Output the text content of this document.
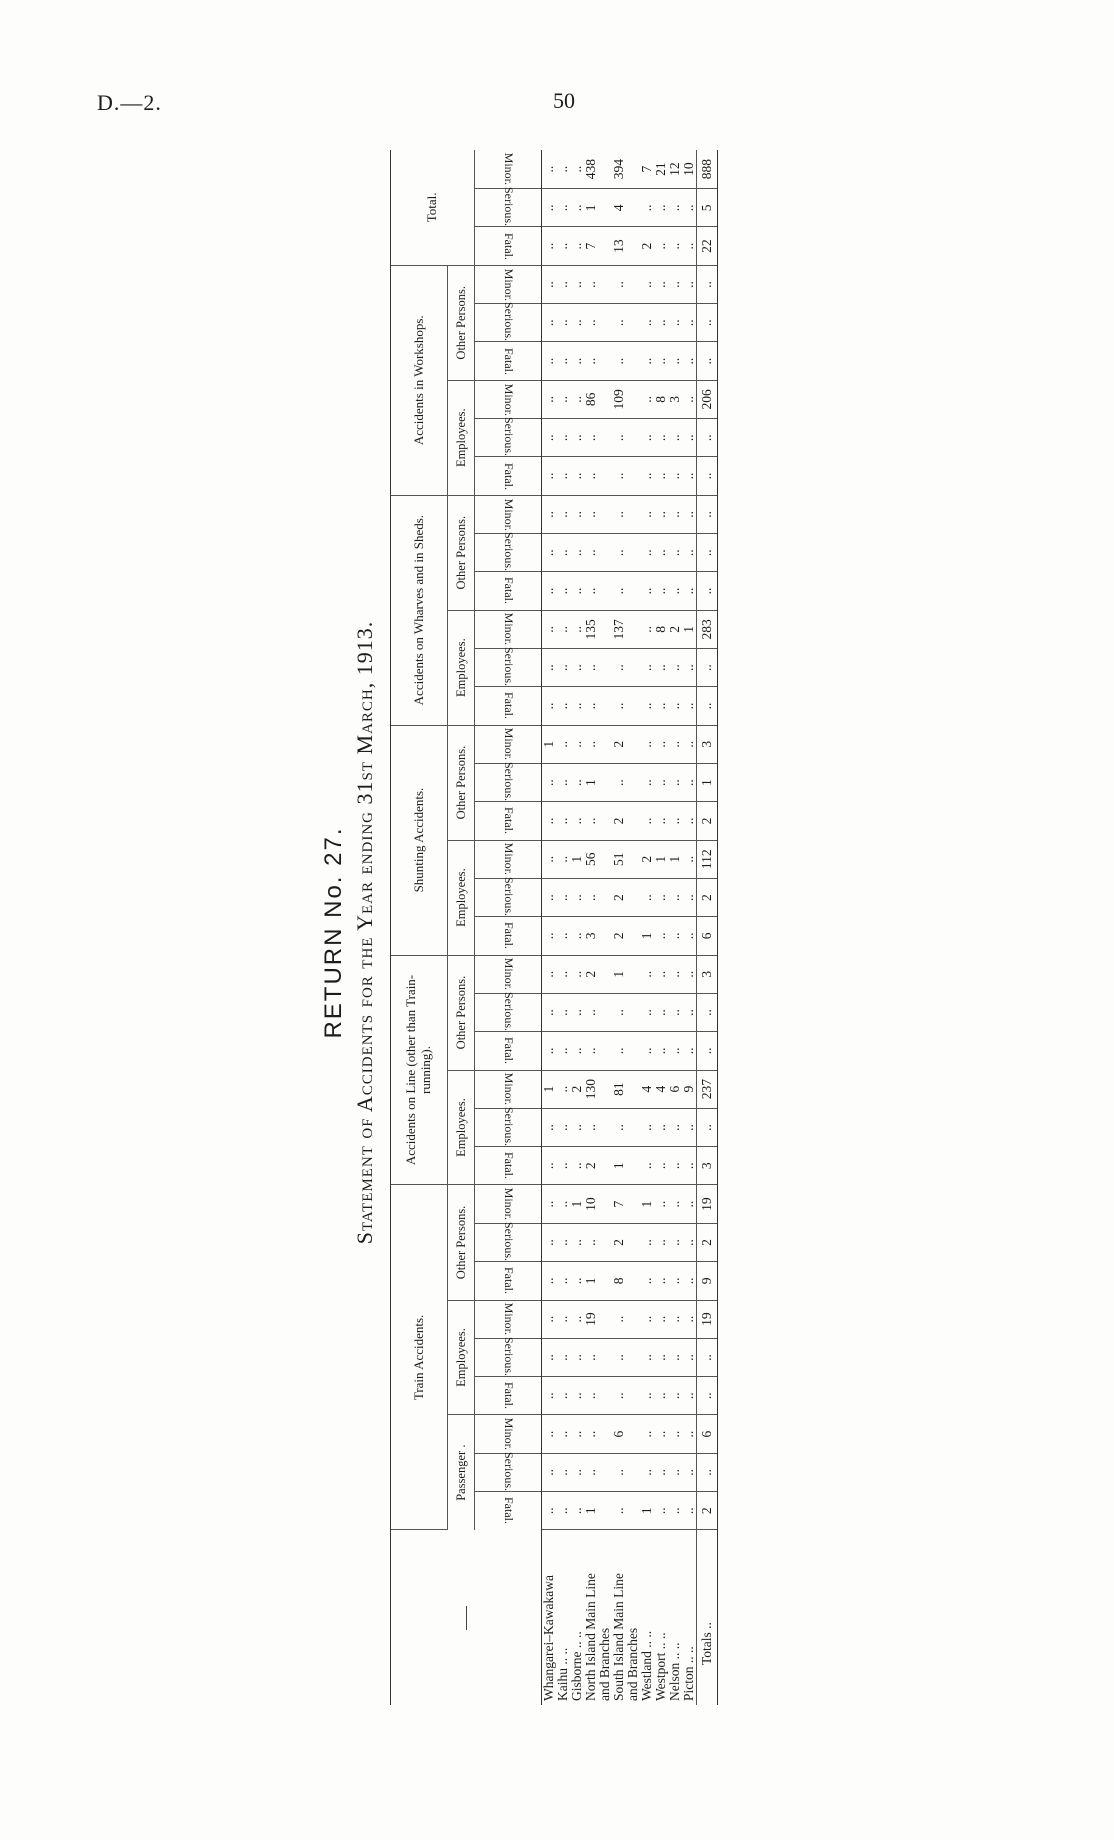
D.—2.	50
RETURN No. 27. Statement of Accidents for the Year ending 31st March, 1913.
	Train Accidents.									Accidents on Line (other than Train-running).						Shunting Accidents.						Accidents on Wharves and in Sheds.						Accidents in Workshops.						Total.		
	Passenger .			Employees.			Other Persons.			Employees.			Other Persons.			Employees.			Other Persons.			Employees.			Other Persons.			Employees.			Other Persons.					
	Fatal.	Serious.	Minor.	Fatal.	Serious.	Minor.	Fatal.	Serious.	Minor.	Fatal.	Serious.	Minor.	Fatal.	Serious.	Minor.	Fatal.	Serious.	Minor.	Fatal.	Serious.	Minor.	Fatal.	Serious.	Minor.	Fatal.	Serious.	Minor.	Fatal.	Serious.	Minor.	Fatal.	Serious.	Minor.	Fatal.	Serious.	Minor.
Whangarei–Kawakawa	..	..	..	..	..	..	..	..	..	..	..	1	..	..	..	..	..	..	..	..	1	..	..	..	..	..	..	..	..	..	..	..	..	..	..	..
Kaihu .. ..	..	..	..	..	..	..	..	..	..	..	..	..	..	..	..	..	..	..	..	..	..	..	..	..	..	..	..	..	..	..	..	..	..	..	..	..
Gisborne .. ..	..	..	..	..	..	..	..	..	1	..	..	2	..	..	..	..	..	1	..	..	..	..	..	..	..	..	..	..	..	..	..	..	..	..	..	..
North Island Main Line	1	..	..	..	..	19	1	..	10	2	..	130	..	..	2	3	..	56	..	1	..	..	..	135	..	..	..	..	..	86	..	..	..	7	1	438
and Branches																																				
South Island Main Line	..	..	6	..	..	..	8	2	7	1	..	81	..	..	1	2	2	51	2	..	2	..	..	137	..	..	..	..	..	109	..	..	..	13	4	394
and Branches																																				
Westland .. ..	1	..	..	..	..	..	..	..	1	..	..	4	..	..	..	1	..	2	..	..	..	..	..	..	..	..	..	..	..	..	..	..	..	2	..	7
Westport .. ..	..	..	..	..	..	..	..	..	..	..	..	4	..	..	..	..	..	1	..	..	..	..	..	8	..	..	..	..	..	8	..	..	..	..	..	21
Nelson .. ..	..	..	..	..	..	..	..	..	..	..	..	6	..	..	..	..	..	1	..	..	..	..	..	2	..	..	..	..	..	3	..	..	..	..	..	12
Picton .. ..	..	..	..	..	..	..	..	..	..	..	..	9	..	..	..	..	..	..	..	..	..	..	..	1	..	..	..	..	..	..	..	..	..	..	..	10
Totals ..	2	..	6	..	..	19	9	2	19	3	..	237	..	..	3	6	2	112	2	1	3	..	..	283	..	..	..	..	..	206	..	..	..	22	5	888
